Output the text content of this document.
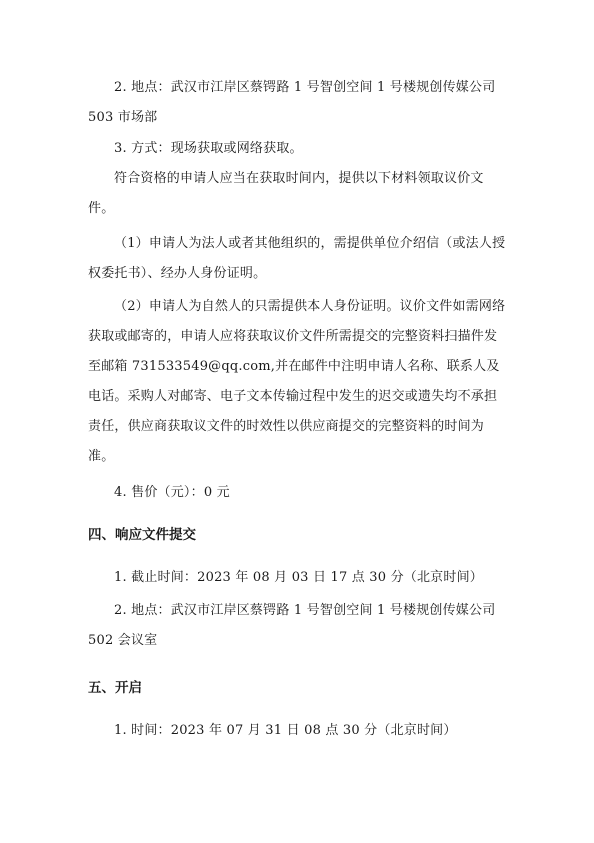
2. 地点：武汉市江岸区蔡锷路 1 号智创空间 1 号楼规创传媒公司 503 市场部

3. 方式：现场获取或网络获取。

符合资格的申请人应当在获取时间内，提供以下材料领取议价文件。

（1）申请人为法人或者其他组织的，需提供单位介绍信（或法人授权委托书）、经办人身份证明。

（2）申请人为自然人的只需提供本人身份证明。议价文件如需网络获取或邮寄的，申请人应将获取议价文件所需提交的完整资料扫描件发至邮箱 731533549@qq.com,并在邮件中注明申请人名称、联系人及电话。采购人对邮寄、电子文本传输过程中发生的迟交或遗失均不承担责任，供应商获取议文件的时效性以供应商提交的完整资料的时间为准。

4. 售价（元）：0 元

四、响应文件提交

1. 截止时间：2023 年 08 月 03 日 17 点 30 分（北京时间）

2. 地点：武汉市江岸区蔡锷路 1 号智创空间 1 号楼规创传媒公司 502 会议室

五、开启

1. 时间：2023 年 07 月 31 日 08 点 30 分（北京时间）
